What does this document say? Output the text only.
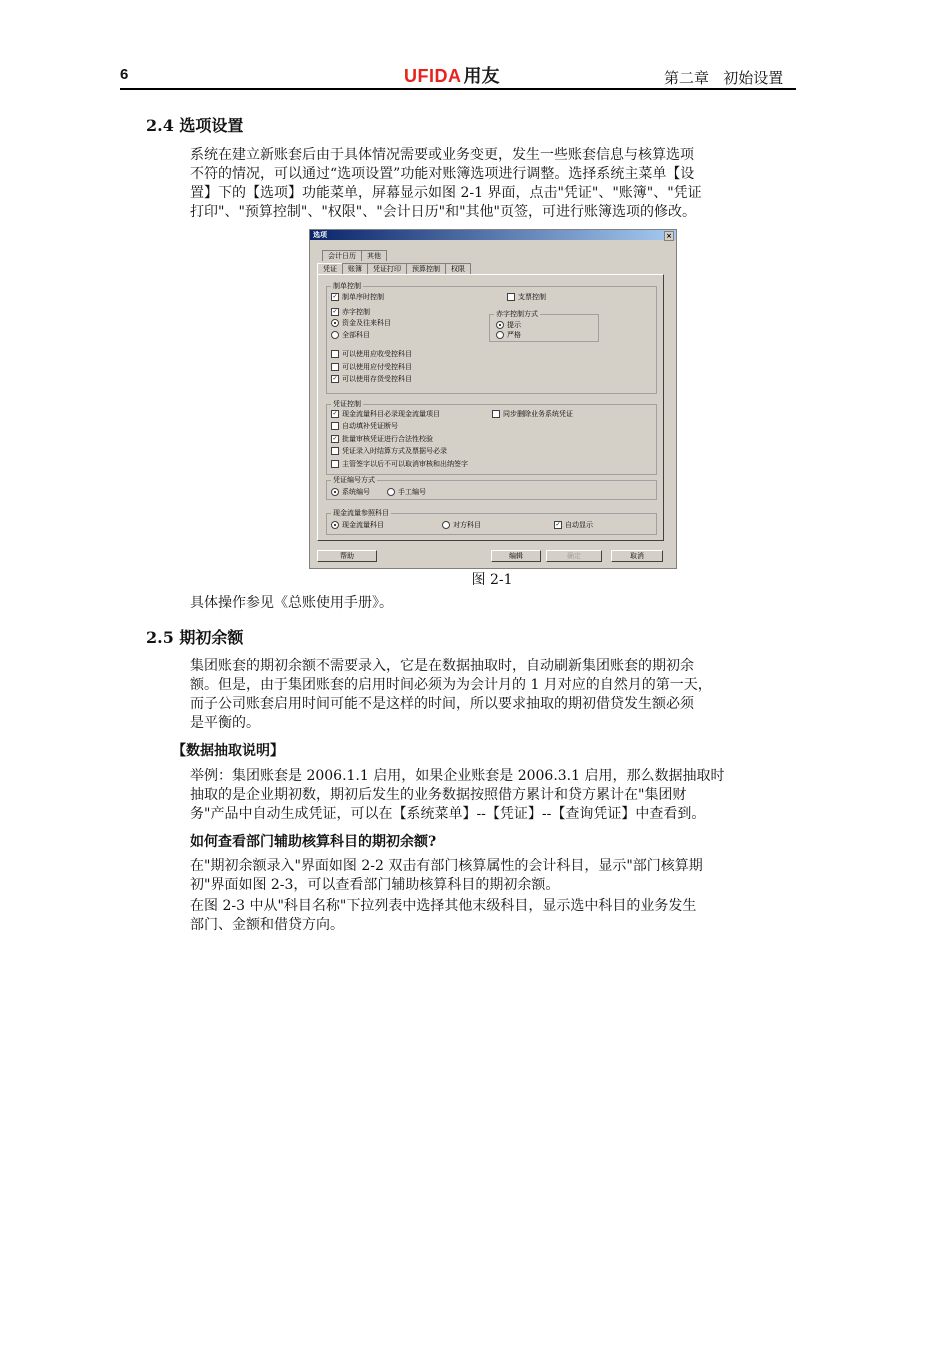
6	UFIDA 用友	第二章   初始设置
2.4 选项设置
系统在建立新账套后由于具体情况需要或业务变更，发生一些账套信息与核算选项
不符的情况，可以通过“选项设置”功能对账簿选项进行调整。选择系统主菜单【设
置】下的【选项】功能菜单，屏幕显示如图 2-1 界面，点击"凭证"、"账簿"、"凭证
打印"、"预算控制"、"权限"、"会计日历"和"其他"页签，可进行账簿选项的修改。
选项	×
会计日历	其他
凭证	账簿	凭证打印	预算控制	权限
制单控制
✓ 制单序时控制	支票控制
✓ 赤字控制
资金及往来科目
全部科目
赤字控制方式
提示
严格
可以使用应收受控科目
可以使用应付受控科目
✓ 可以使用存货受控科目
凭证控制
✓ 现金流量科目必录现金流量项目	同步删除业务系统凭证
自动填补凭证断号
✓ 批量审核凭证进行合法性校验
凭证录入时结算方式及票据号必录
主管签字以后不可以取消审核和出纳签字
凭证编号方式
系统编号	手工编号
现金流量参照科目
现金流量科目	对方科目	✓ 自动显示
帮助	编辑	确定	取消
图 2-1
具体操作参见《总账使用手册》。
2.5 期初余额
集团账套的期初余额不需要录入，它是在数据抽取时，自动刷新集团账套的期初余
额。但是，由于集团账套的启用时间必须为为会计月的 1 月对应的自然月的第一天，
而子公司账套启用时间可能不是这样的时间，所以要求抽取的期初借贷发生额必须
是平衡的。
【数据抽取说明】
举例：集团账套是 2006.1.1 启用，如果企业账套是 2006.3.1 启用，那么数据抽取时
抽取的是企业期初数，期初后发生的业务数据按照借方累计和贷方累计在"集团财
务"产品中自动生成凭证，可以在【系统菜单】--【凭证】--【查询凭证】中查看到。
如何查看部门辅助核算科目的期初余额?
在"期初余额录入"界面如图 2-2 双击有部门核算属性的会计科目，显示"部门核算期
初"界面如图 2-3，可以查看部门辅助核算科目的期初余额。
在图 2-3 中从"科目名称"下拉列表中选择其他末级科目，显示选中科目的业务发生
部门、金额和借贷方向。
